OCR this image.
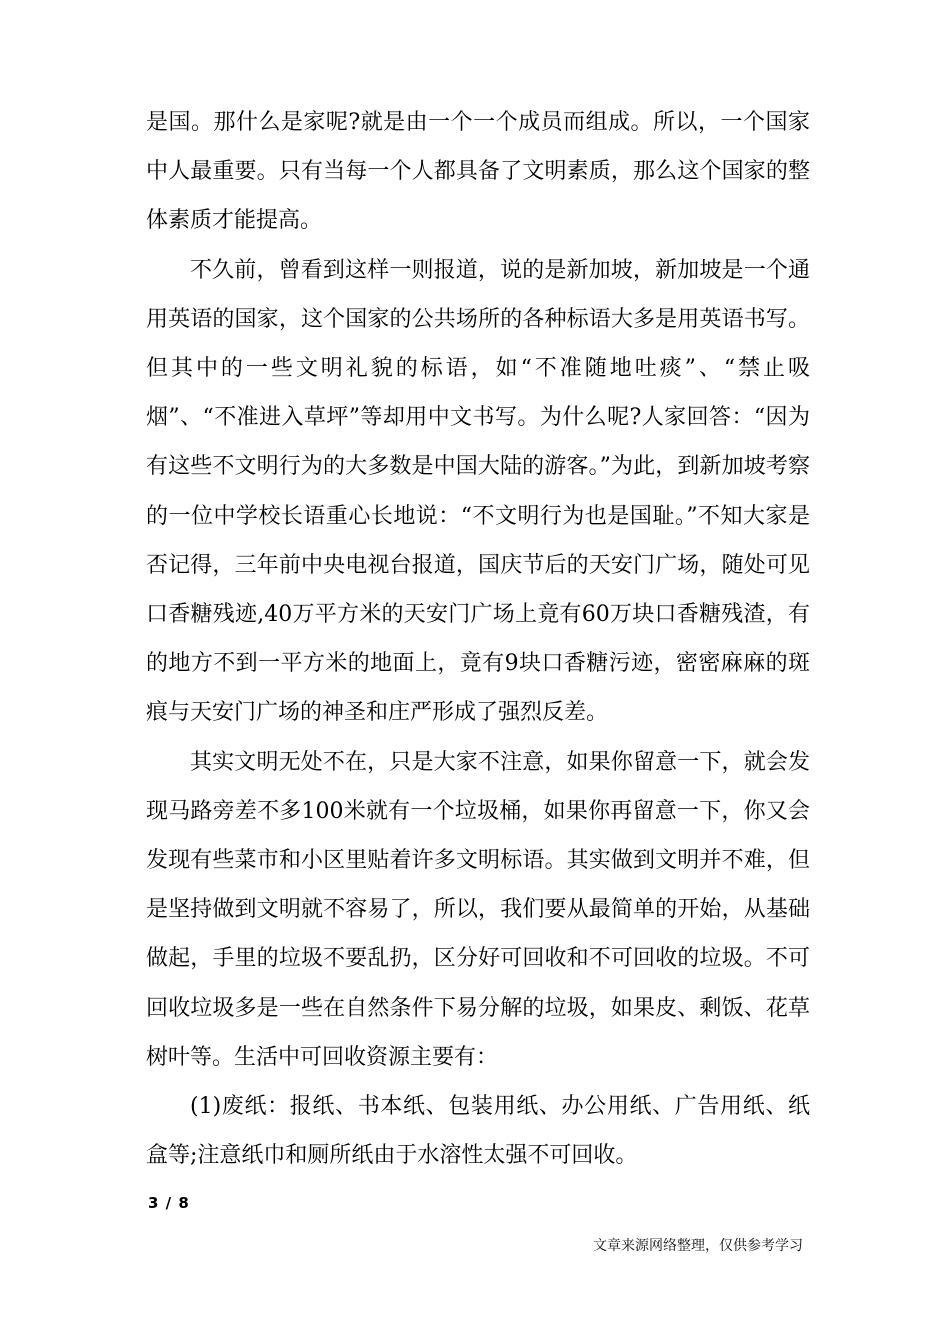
是国。那什么是家呢?就是由一个一个成员而组成。所以，一个国家中人最重要。只有当每一个人都具备了文明素质，那么这个国家的整体素质才能提高。

不久前，曾看到这样一则报道，说的是新加坡，新加坡是一个通用英语的国家，这个国家的公共场所的各种标语大多是用英语书写。但其中的一些文明礼貌的标语，如“不准随地吐痰”、“禁止吸烟”、“不准进入草坪”等却用中文书写。为什么呢?人家回答：“因为有这些不文明行为的大多数是中国大陆的游客。”为此，到新加坡考察的一位中学校长语重心长地说：“不文明行为也是国耻。”不知大家是否记得，三年前中央电视台报道，国庆节后的天安门广场，随处可见口香糖残迹,40万平方米的天安门广场上竟有60万块口香糖残渣，有的地方不到一平方米的地面上，竟有9块口香糖污迹，密密麻麻的斑痕与天安门广场的神圣和庄严形成了强烈反差。

其实文明无处不在，只是大家不注意，如果你留意一下，就会发现马路旁差不多100米就有一个垃圾桶，如果你再留意一下，你又会发现有些菜市和小区里贴着许多文明标语。其实做到文明并不难，但是坚持做到文明就不容易了，所以，我们要从最简单的开始，从基础做起，手里的垃圾不要乱扔，区分好可回收和不可回收的垃圾。不可回收垃圾多是一些在自然条件下易分解的垃圾，如果皮、剩饭、花草树叶等。生活中可回收资源主要有：

(1)废纸：报纸、书本纸、包装用纸、办公用纸、广告用纸、纸盒等;注意纸巾和厕所纸由于水溶性太强不可回收。

3 / 8
文章来源网络整理，仅供参考学习
